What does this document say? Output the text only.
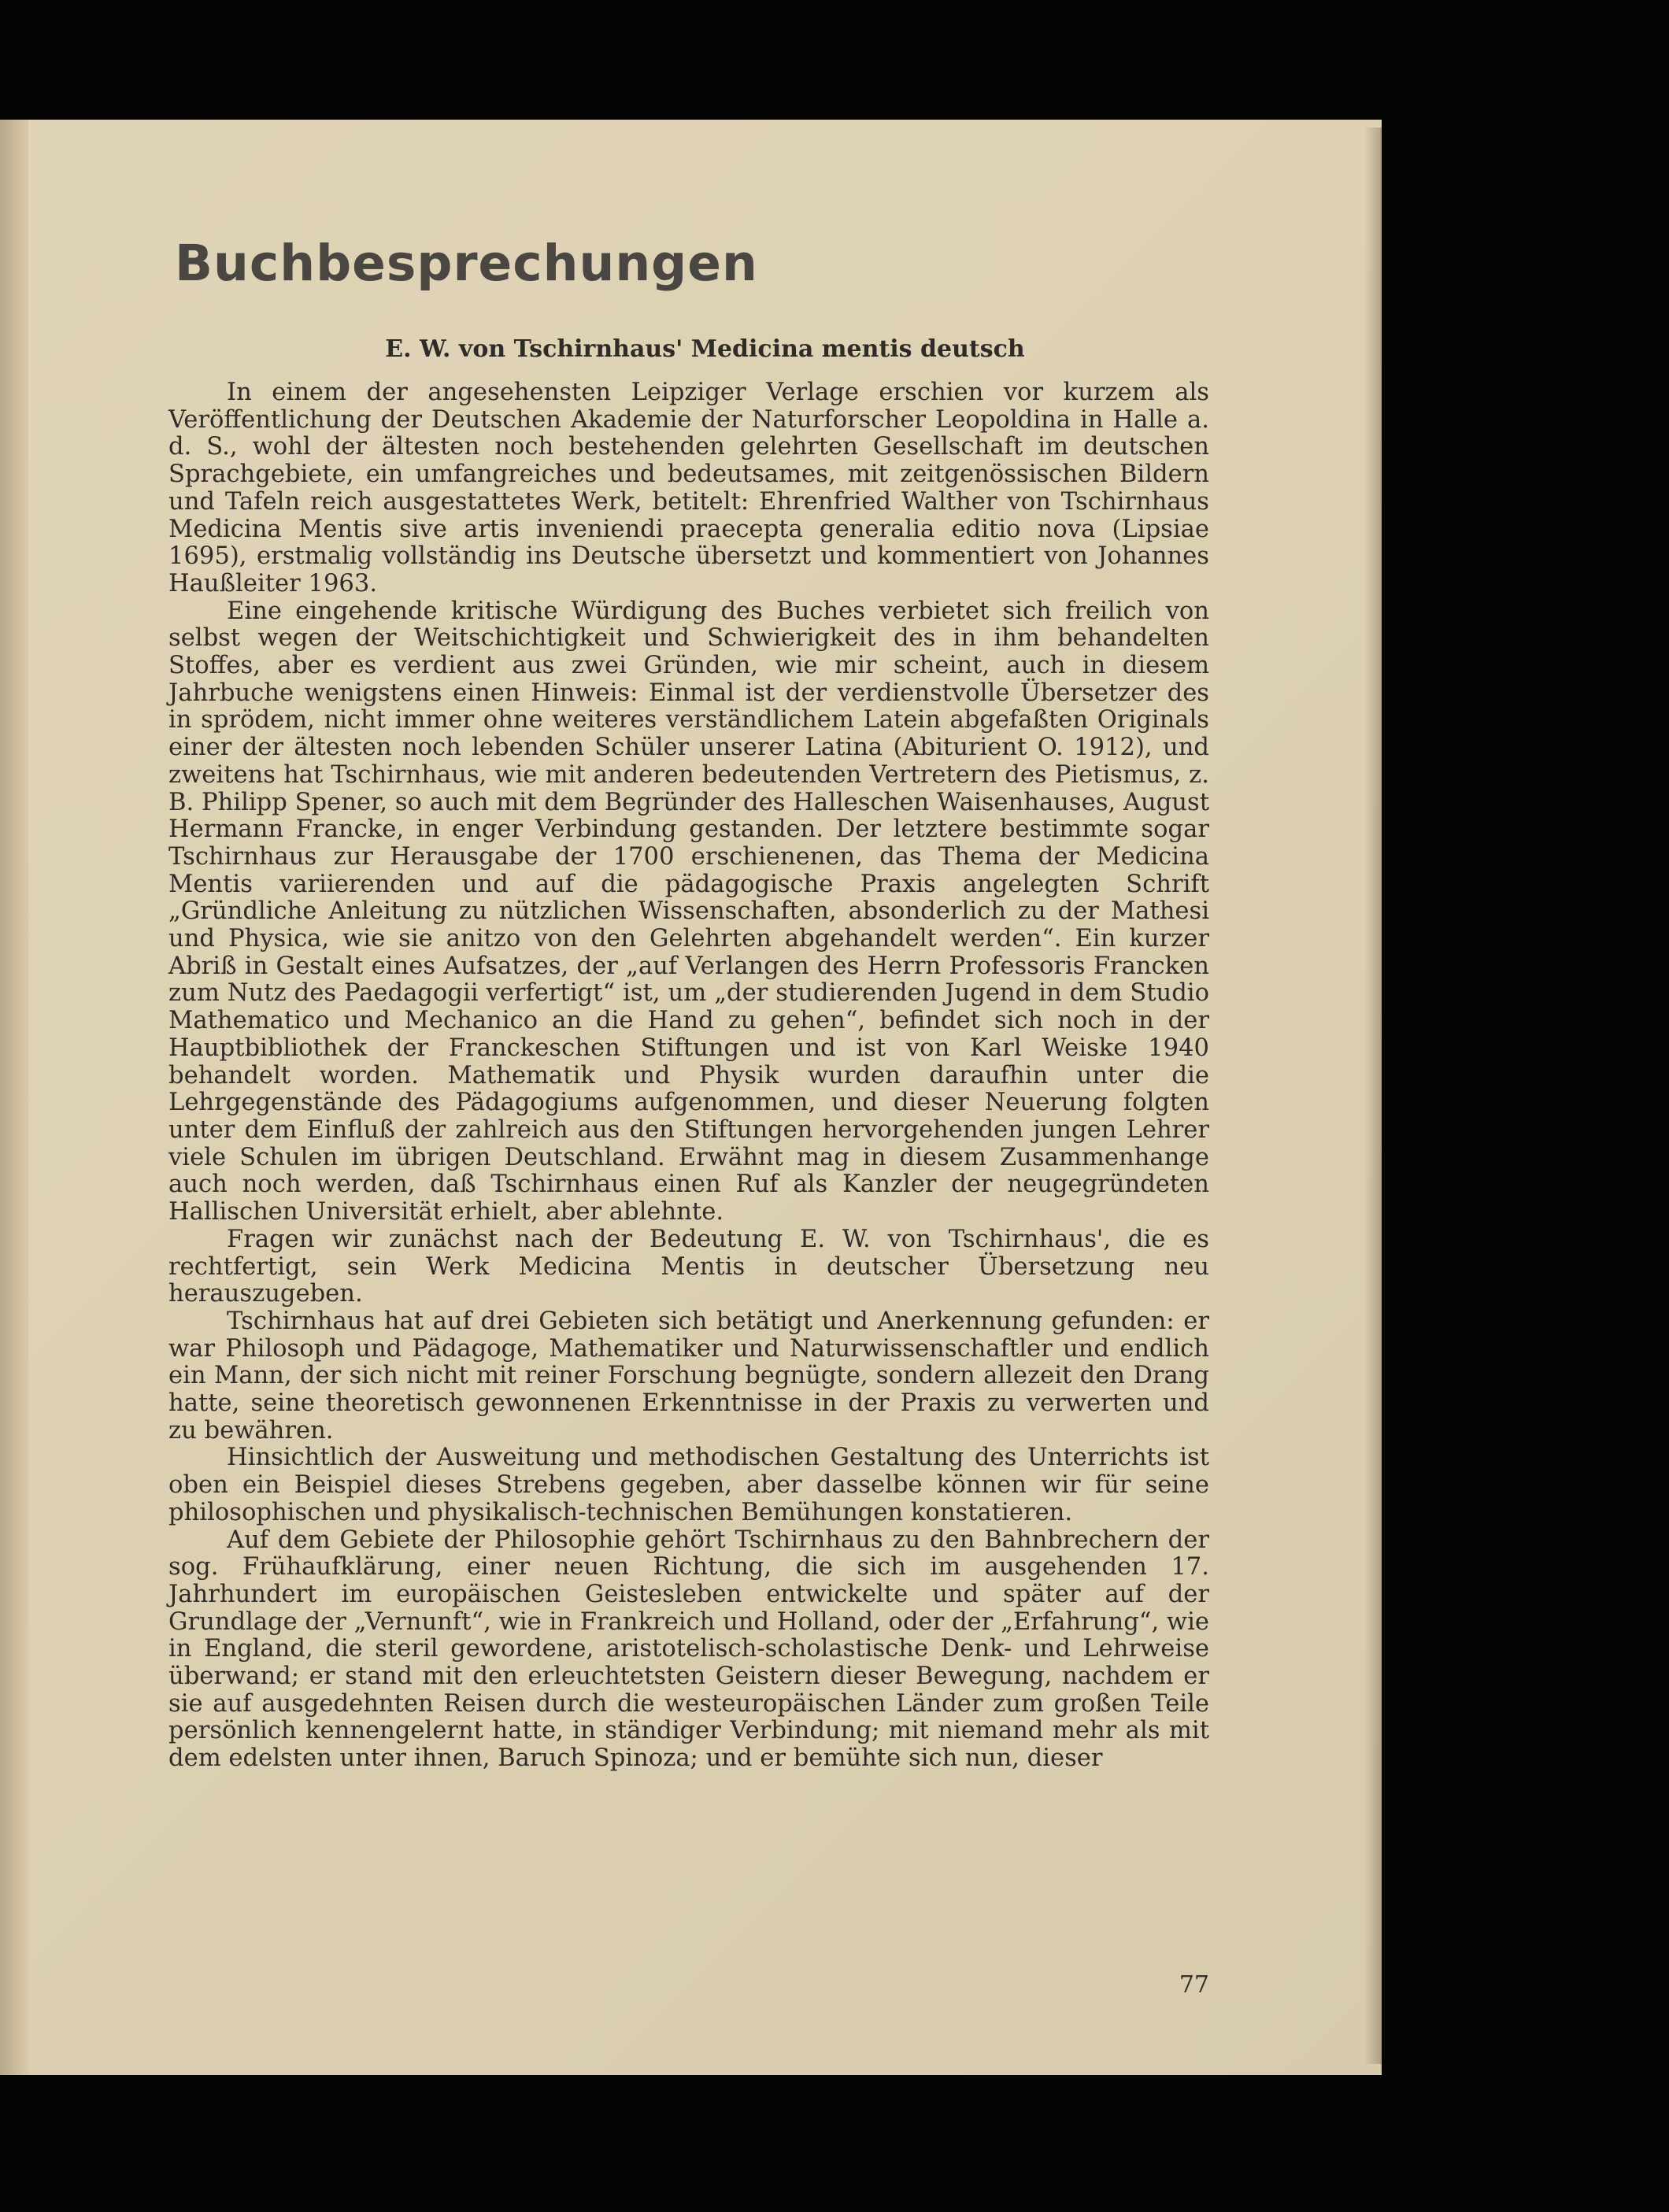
Buchbesprechungen
E. W. von Tschirnhaus' Medicina mentis deutsch

In einem der angesehensten Leipziger Verlage erschien vor kurzem als Veröffentlichung der Deutschen Akademie der Naturforscher Leopoldina in Halle a. d. S., wohl der ältesten noch bestehenden gelehrten Gesellschaft im deutschen Sprachgebiete, ein umfangreiches und bedeutsames, mit zeitgenössischen Bildern und Tafeln reich ausgestattetes Werk, betitelt: Ehrenfried Walther von Tschirnhaus Medicina Mentis sive artis inveniendi praecepta generalia editio nova (Lipsiae 1695), erstmalig vollständig ins Deutsche übersetzt und kommentiert von Johannes Haußleiter 1963.

Eine eingehende kritische Würdigung des Buches verbietet sich freilich von selbst wegen der Weitschichtigkeit und Schwierigkeit des in ihm behandelten Stoffes, aber es verdient aus zwei Gründen, wie mir scheint, auch in diesem Jahrbuche wenigstens einen Hinweis: Einmal ist der verdienstvolle Übersetzer des in sprödem, nicht immer ohne weiteres verständlichem Latein abgefaßten Originals einer der ältesten noch lebenden Schüler unserer Latina (Abiturient O. 1912), und zweitens hat Tschirnhaus, wie mit anderen bedeutenden Vertretern des Pietismus, z. B. Philipp Spener, so auch mit dem Begründer des Halleschen Waisenhauses, August Hermann Francke, in enger Verbindung gestanden. Der letztere bestimmte sogar Tschirnhaus zur Herausgabe der 1700 erschienenen, das Thema der Medicina Mentis variierenden und auf die pädagogische Praxis angelegten Schrift „Gründliche Anleitung zu nützlichen Wissenschaften, absonderlich zu der Mathesi und Physica, wie sie anitzo von den Gelehrten abgehandelt werden“. Ein kurzer Abriß in Gestalt eines Aufsatzes, der „auf Verlangen des Herrn Professoris Francken zum Nutz des Paedagogii verfertigt“ ist, um „der studierenden Jugend in dem Studio Mathematico und Mechanico an die Hand zu gehen“, befindet sich noch in der Hauptbibliothek der Franckeschen Stiftungen und ist von Karl Weiske 1940 behandelt worden. Mathematik und Physik wurden daraufhin unter die Lehrgegenstände des Pädagogiums aufgenommen, und dieser Neuerung folgten unter dem Einfluß der zahlreich aus den Stiftungen hervorgehenden jungen Lehrer viele Schulen im übrigen Deutschland. Erwähnt mag in diesem Zusammenhange auch noch werden, daß Tschirnhaus einen Ruf als Kanzler der neugegründeten Hallischen Universität erhielt, aber ablehnte.

Fragen wir zunächst nach der Bedeutung E. W. von Tschirnhaus', die es rechtfertigt, sein Werk Medicina Mentis in deutscher Übersetzung neu herauszugeben.

Tschirnhaus hat auf drei Gebieten sich betätigt und Anerkennung gefunden: er war Philosoph und Pädagoge, Mathematiker und Naturwissenschaftler und endlich ein Mann, der sich nicht mit reiner Forschung begnügte, sondern allezeit den Drang hatte, seine theoretisch gewonnenen Erkenntnisse in der Praxis zu verwerten und zu bewähren.

Hinsichtlich der Ausweitung und methodischen Gestaltung des Unterrichts ist oben ein Beispiel dieses Strebens gegeben, aber dasselbe können wir für seine philosophischen und physikalisch-technischen Bemühungen konstatieren.

Auf dem Gebiete der Philosophie gehört Tschirnhaus zu den Bahnbrechern der sog. Frühaufklärung, einer neuen Richtung, die sich im ausgehenden 17. Jahrhundert im europäischen Geistesleben entwickelte und später auf der Grundlage der „Vernunft“, wie in Frankreich und Holland, oder der „Erfahrung“, wie in England, die steril gewordene, aristotelisch-scholastische Denk- und Lehrweise überwand; er stand mit den erleuchtetsten Geistern dieser Bewegung, nachdem er sie auf ausgedehnten Reisen durch die westeuropäischen Länder zum großen Teile persönlich kennengelernt hatte, in ständiger Verbindung; mit niemand mehr als mit dem edelsten unter ihnen, Baruch Spinoza; und er bemühte sich nun, dieser

77
